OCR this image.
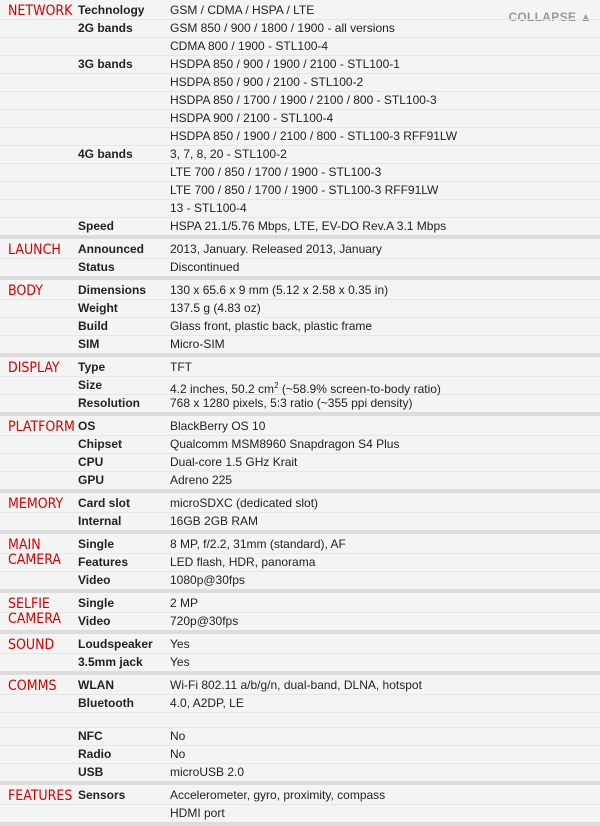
COLLAPSE ▲
NETWORK Technology	GSM / CDMA / HSPA / LTE
2G bands	GSM 850 / 900 / 1800 / 1900 - all versions
CDMA 800 / 1900 - STL100-4
3G bands	HSDPA 850 / 900 / 1900 / 2100 - STL100-1
HSDPA 850 / 900 / 2100 - STL100-2
HSDPA 850 / 1700 / 1900 / 2100 / 800 - STL100-3
HSDPA 900 / 2100 - STL100-4
HSDPA 850 / 1900 / 2100 / 800 - STL100-3 RFF91LW
4G bands	3, 7, 8, 20 - STL100-2
LTE 700 / 850 / 1700 / 1900 - STL100-3
LTE 700 / 850 / 1700 / 1900 - STL100-3 RFF91LW
13 - STL100-4
Speed	HSPA 21.1/5.76 Mbps, LTE, EV-DO Rev.A 3.1 Mbps
LAUNCH	Announced	2013, January. Released 2013, January
Status	Discontinued
BODY	Dimensions	130 x 65.6 x 9 mm (5.12 x 2.58 x 0.35 in)
Weight	137.5 g (4.83 oz)
Build	Glass front, plastic back, plastic frame
SIM	Micro-SIM
DISPLAY	Type	TFT
Size	4.2 inches, 50.2 $cm^2$ (~58.9% screen-to-body ratio)
Resolution	768 x 1280 pixels, 5:3 ratio (~355 ppi density)
PLATFORM OS	BlackBerry OS 10
Chipset	Qualcomm MSM8960 Snapdragon S4 Plus
CPU	Dual-core 1.5 GHz Krait
GPU	Adreno 225
MEMORY	Card slot	microSDXC (dedicated slot)
Internal	16GB 2GB RAM
MAIN CAMERA
Single	8 MP, f/2.2, 31mm (standard), AF
Features	LED flash, HDR, panorama
Video	1080p@30fps
SELFIE CAMERA
Single	2 MP
Video	720p@30fps
SOUND	Loudspeaker	Yes
3.5mm jack	Yes
COMMS	WLAN	Wi-Fi 802.11 a/b/g/n, dual-band, DLNA, hotspot
Bluetooth	4.0, A2DP, LE
NFC	No
Radio	No
USB	microUSB 2.0
FEATURES Sensors	Accelerometer, gyro, proximity, compass
HDMI port
